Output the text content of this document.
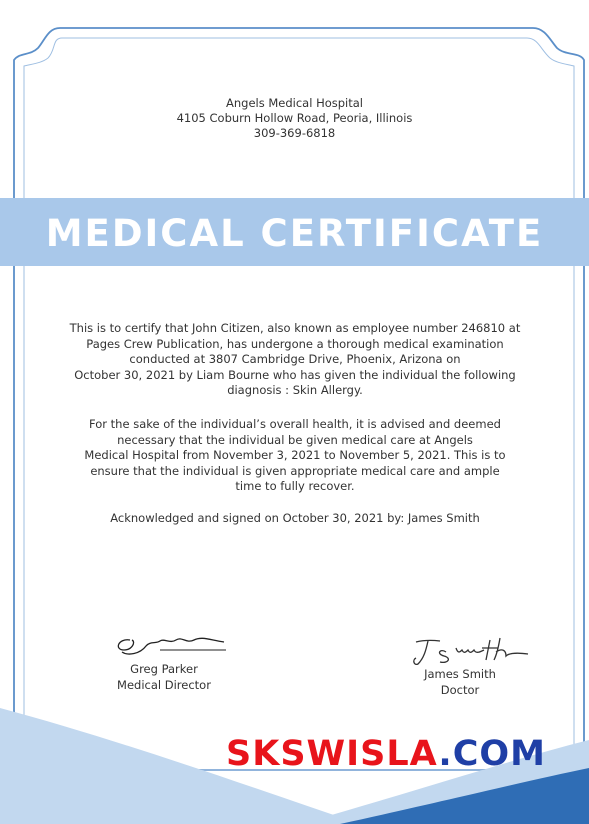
Angels Medical Hospital
4105 Coburn Hollow Road, Peoria, Illinois
309-369-6818
MEDICAL CERTIFICATE
This is to certify that John Citizen, also known as employee number 246810 at
Pages Crew Publication, has undergone a thorough medical examination
conducted at 3807 Cambridge Drive, Phoenix, Arizona on
October 30, 2021 by Liam Bourne who has given the individual the following
diagnosis : Skin Allergy.
For the sake of the individual’s overall health, it is advised and deemed
necessary that the individual be given medical care at Angels
Medical Hospital from November 3, 2021 to November 5, 2021. This is to
ensure that the individual is given appropriate medical care and ample
time to fully recover.
Acknowledged and signed on October 30, 2021 by: James Smith
Greg Parker
Medical Director
James Smith
Doctor
SKSWISLA.COM
